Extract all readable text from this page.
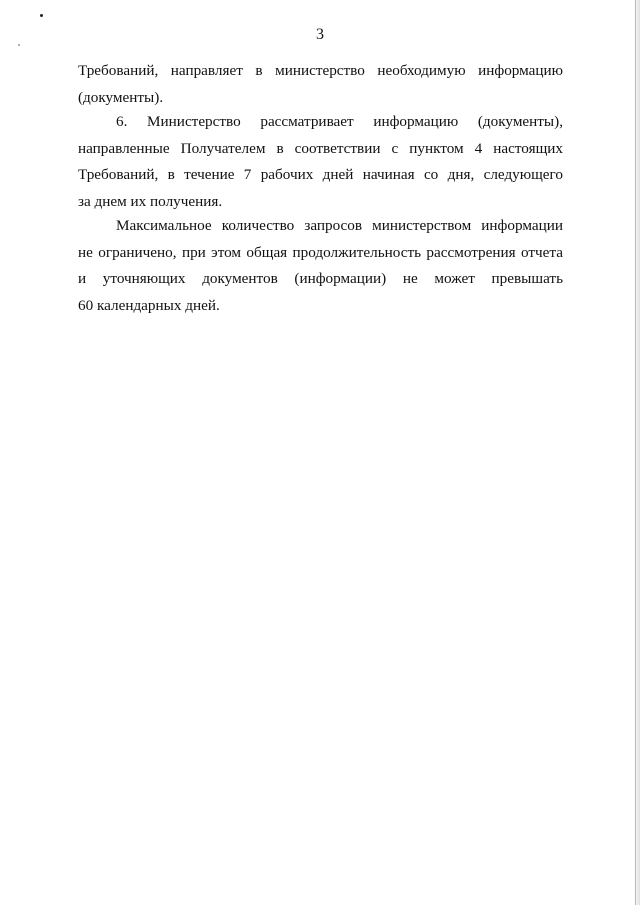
3
Требований, направляет в министерство необходимую информацию
(документы).
6. Министерство рассматривает информацию (документы),
направленные Получателем в соответствии с пунктом 4 настоящих
Требований, в течение 7 рабочих дней начиная со дня, следующего
за днем их получения.
Максимальное количество запросов министерством информации
не ограничено, при этом общая продолжительность рассмотрения отчета
и уточняющих документов (информации) не может превышать
60 календарных дней.
